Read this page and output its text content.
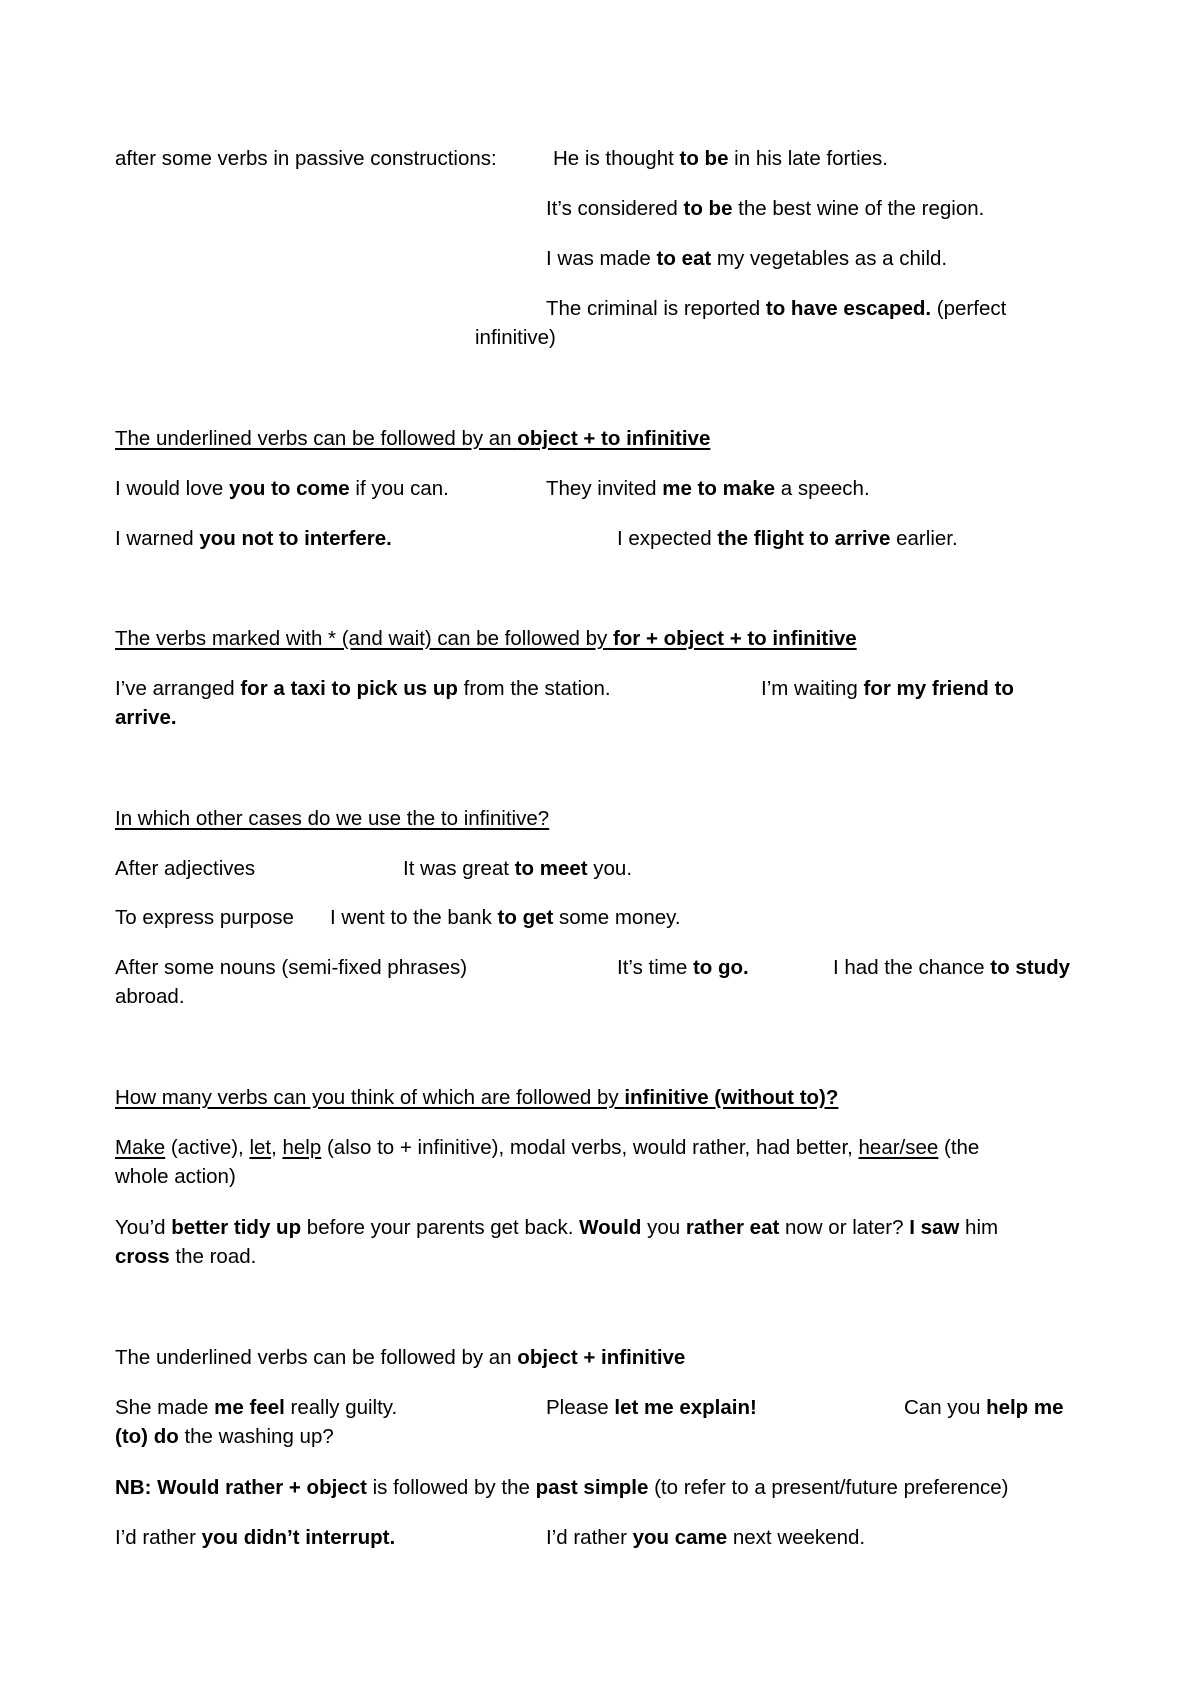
after some verbs in passive constructions:	He is thought to be in his late forties.
It’s considered to be the best wine of the region.
I was made to eat my vegetables as a child.
The criminal is reported to have escaped. (perfect
infinitive)
The underlined verbs can be followed by an object + to infinitive
I would love you to come if you can.	They invited me to make a speech.
I warned you not to interfere.	I expected the flight to arrive earlier.
The verbs marked with * (and wait) can be followed by for + object + to infinitive
I’ve arranged for a taxi to pick us up from the station.	I’m waiting for my friend to
arrive.
In which other cases do we use the to infinitive?
After adjectives	It was great to meet you.
To express purpose I went to the bank to get some money.
After some nouns (semi-fixed phrases)	It’s time to go.	I had the chance to study
abroad.
How many verbs can you think of which are followed by infinitive (without to)?
Make (active), let, help (also to + infinitive), modal verbs, would rather, had better, hear/see (the
whole action)
You’d better tidy up before your parents get back. Would you rather eat now or later? I saw him
cross the road.
The underlined verbs can be followed by an object + infinitive
She made me feel really guilty.	Please let me explain!	Can you help me
(to) do the washing up?
NB: Would rather + object is followed by the past simple (to refer to a present/future preference)
I’d rather you didn’t interrupt.	I’d rather you came next weekend.
